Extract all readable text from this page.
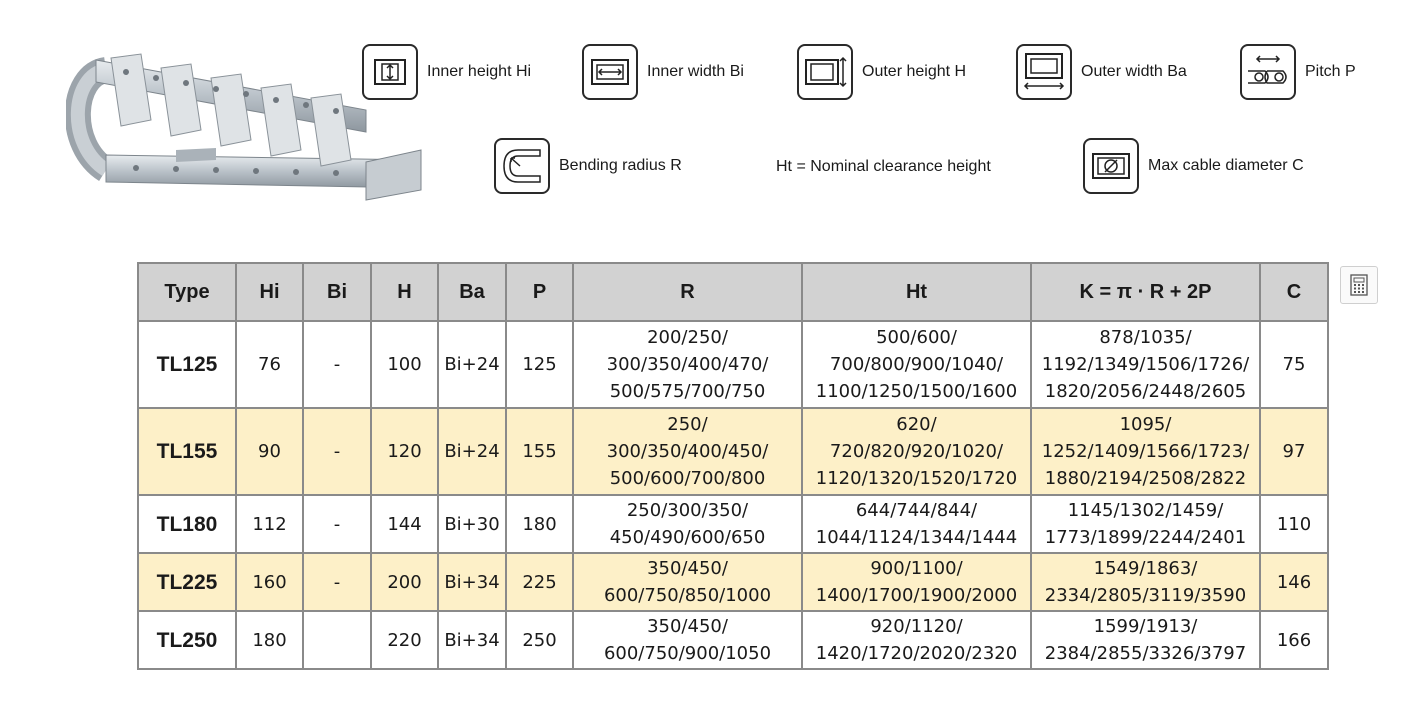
Inner height Hi	Inner width Bi	Outer height H	Outer width Ba	Pitch P
Bending radius R	Ht = Nominal clearance height	Max cable diameter C
Type	Hi	Bi	H	Ba	P	R	Ht	K = π · R + 2P	C
TL125	76	-	100	Bi+24	125	200/250/
300/350/400/470/
500/575/700/750	500/600/
700/800/900/1040/
1100/1250/1500/1600	878/1035/
1192/1349/1506/1726/
1820/2056/2448/2605	75
TL155	90	-	120	Bi+24	155	250/
300/350/400/450/
500/600/700/800	620/
720/820/920/1020/
1120/1320/1520/1720	1095/
1252/1409/1566/1723/
1880/2194/2508/2822	97
TL180	112	-	144	Bi+30	180	250/300/350/
450/490/600/650	644/744/844/
1044/1124/1344/1444	1145/1302/1459/
1773/1899/2244/2401	110
TL225	160	-	200	Bi+34	225	350/450/
600/750/850/1000	900/1100/
1400/1700/1900/2000	1549/1863/
2334/2805/3119/3590	146
TL250	180		220	Bi+34	250	350/450/
600/750/900/1050	920/1120/
1420/1720/2020/2320	1599/1913/
2384/2855/3326/3797	166
